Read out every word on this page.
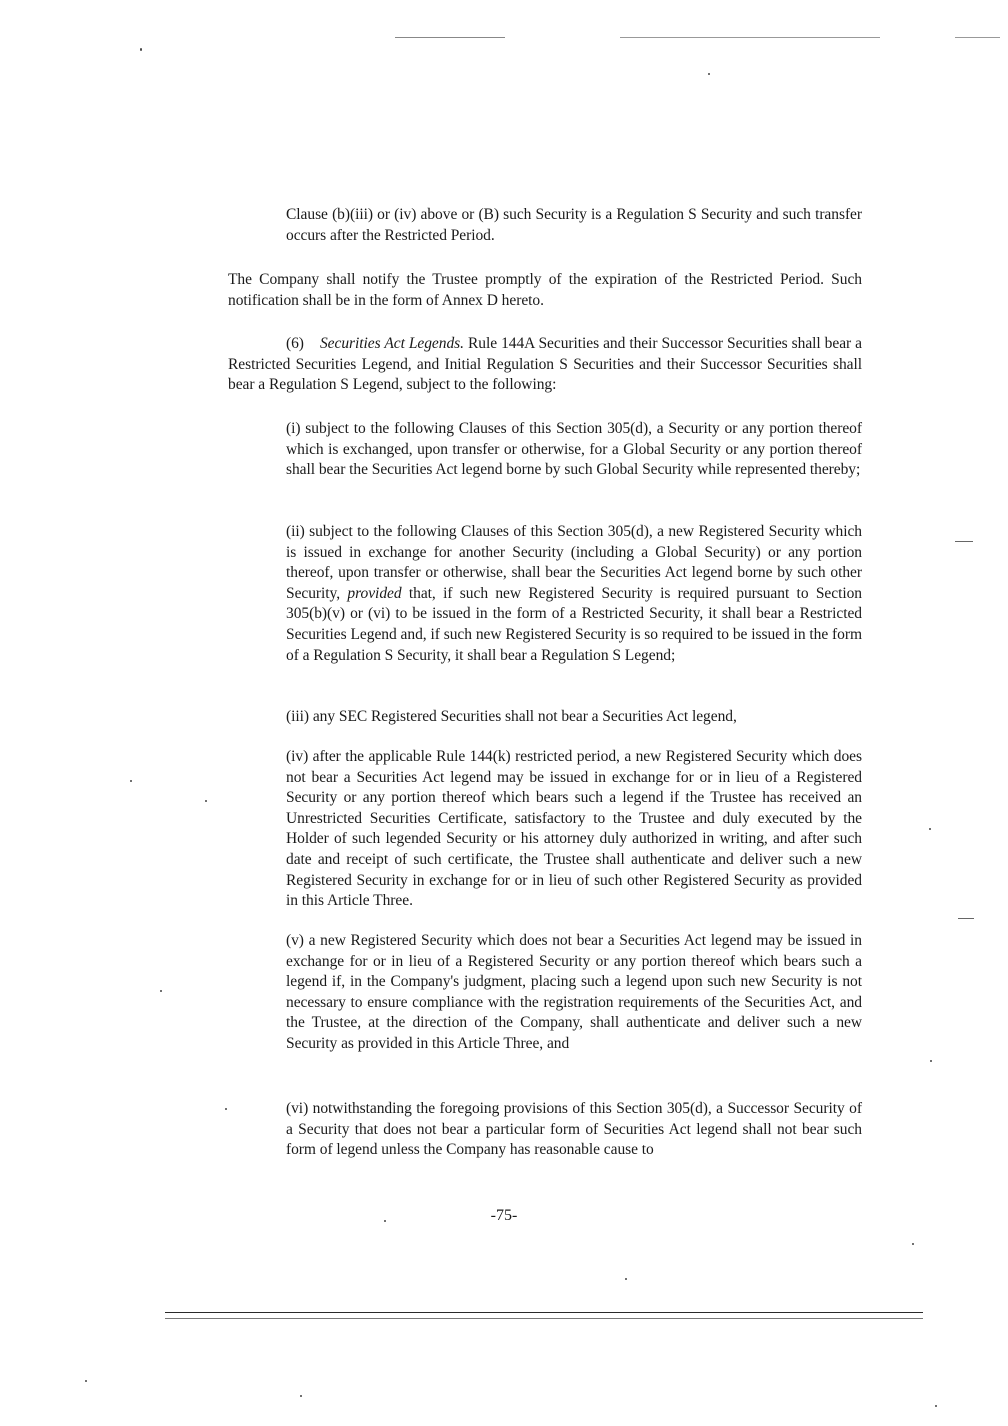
Clause (b)(iii) or (iv) above or (B) such Security is a Regulation S Security and such transfer occurs after the Restricted Period.

The Company shall notify the Trustee promptly of the expiration of the Restricted Period. Such notification shall be in the form of Annex D hereto.

(6) Securities Act Legends. Rule 144A Securities and their Successor Securities shall bear a Restricted Securities Legend, and Initial Regulation S Securities and their Successor Securities shall bear a Regulation S Legend, subject to the following:

(i) subject to the following Clauses of this Section 305(d), a Security or any portion thereof which is exchanged, upon transfer or otherwise, for a Global Security or any portion thereof shall bear the Securities Act legend borne by such Global Security while represented thereby;

(ii) subject to the following Clauses of this Section 305(d), a new Registered Security which is issued in exchange for another Security (including a Global Security) or any portion thereof, upon transfer or otherwise, shall bear the Securities Act legend borne by such other Security, provided that, if such new Registered Security is required pursuant to Section 305(b)(v) or (vi) to be issued in the form of a Restricted Security, it shall bear a Restricted Securities Legend and, if such new Registered Security is so required to be issued in the form of a Regulation S Security, it shall bear a Regulation S Legend;

(iii) any SEC Registered Securities shall not bear a Securities Act legend,

(iv) after the applicable Rule 144(k) restricted period, a new Registered Security which does not bear a Securities Act legend may be issued in exchange for or in lieu of a Registered Security or any portion thereof which bears such a legend if the Trustee has received an Unrestricted Securities Certificate, satisfactory to the Trustee and duly executed by the Holder of such legended Security or his attorney duly authorized in writing, and after such date and receipt of such certificate, the Trustee shall authenticate and deliver such a new Registered Security in exchange for or in lieu of such other Registered Security as provided in this Article Three.

(v) a new Registered Security which does not bear a Securities Act legend may be issued in exchange for or in lieu of a Registered Security or any portion thereof which bears such a legend if, in the Company's judgment, placing such a legend upon such new Security is not necessary to ensure compliance with the registration requirements of the Securities Act, and the Trustee, at the direction of the Company, shall authenticate and deliver such a new Security as provided in this Article Three, and

(vi) notwithstanding the foregoing provisions of this Section 305(d), a Successor Security of a Security that does not bear a particular form of Securities Act legend shall not bear such form of legend unless the Company has reasonable cause to

-75-
